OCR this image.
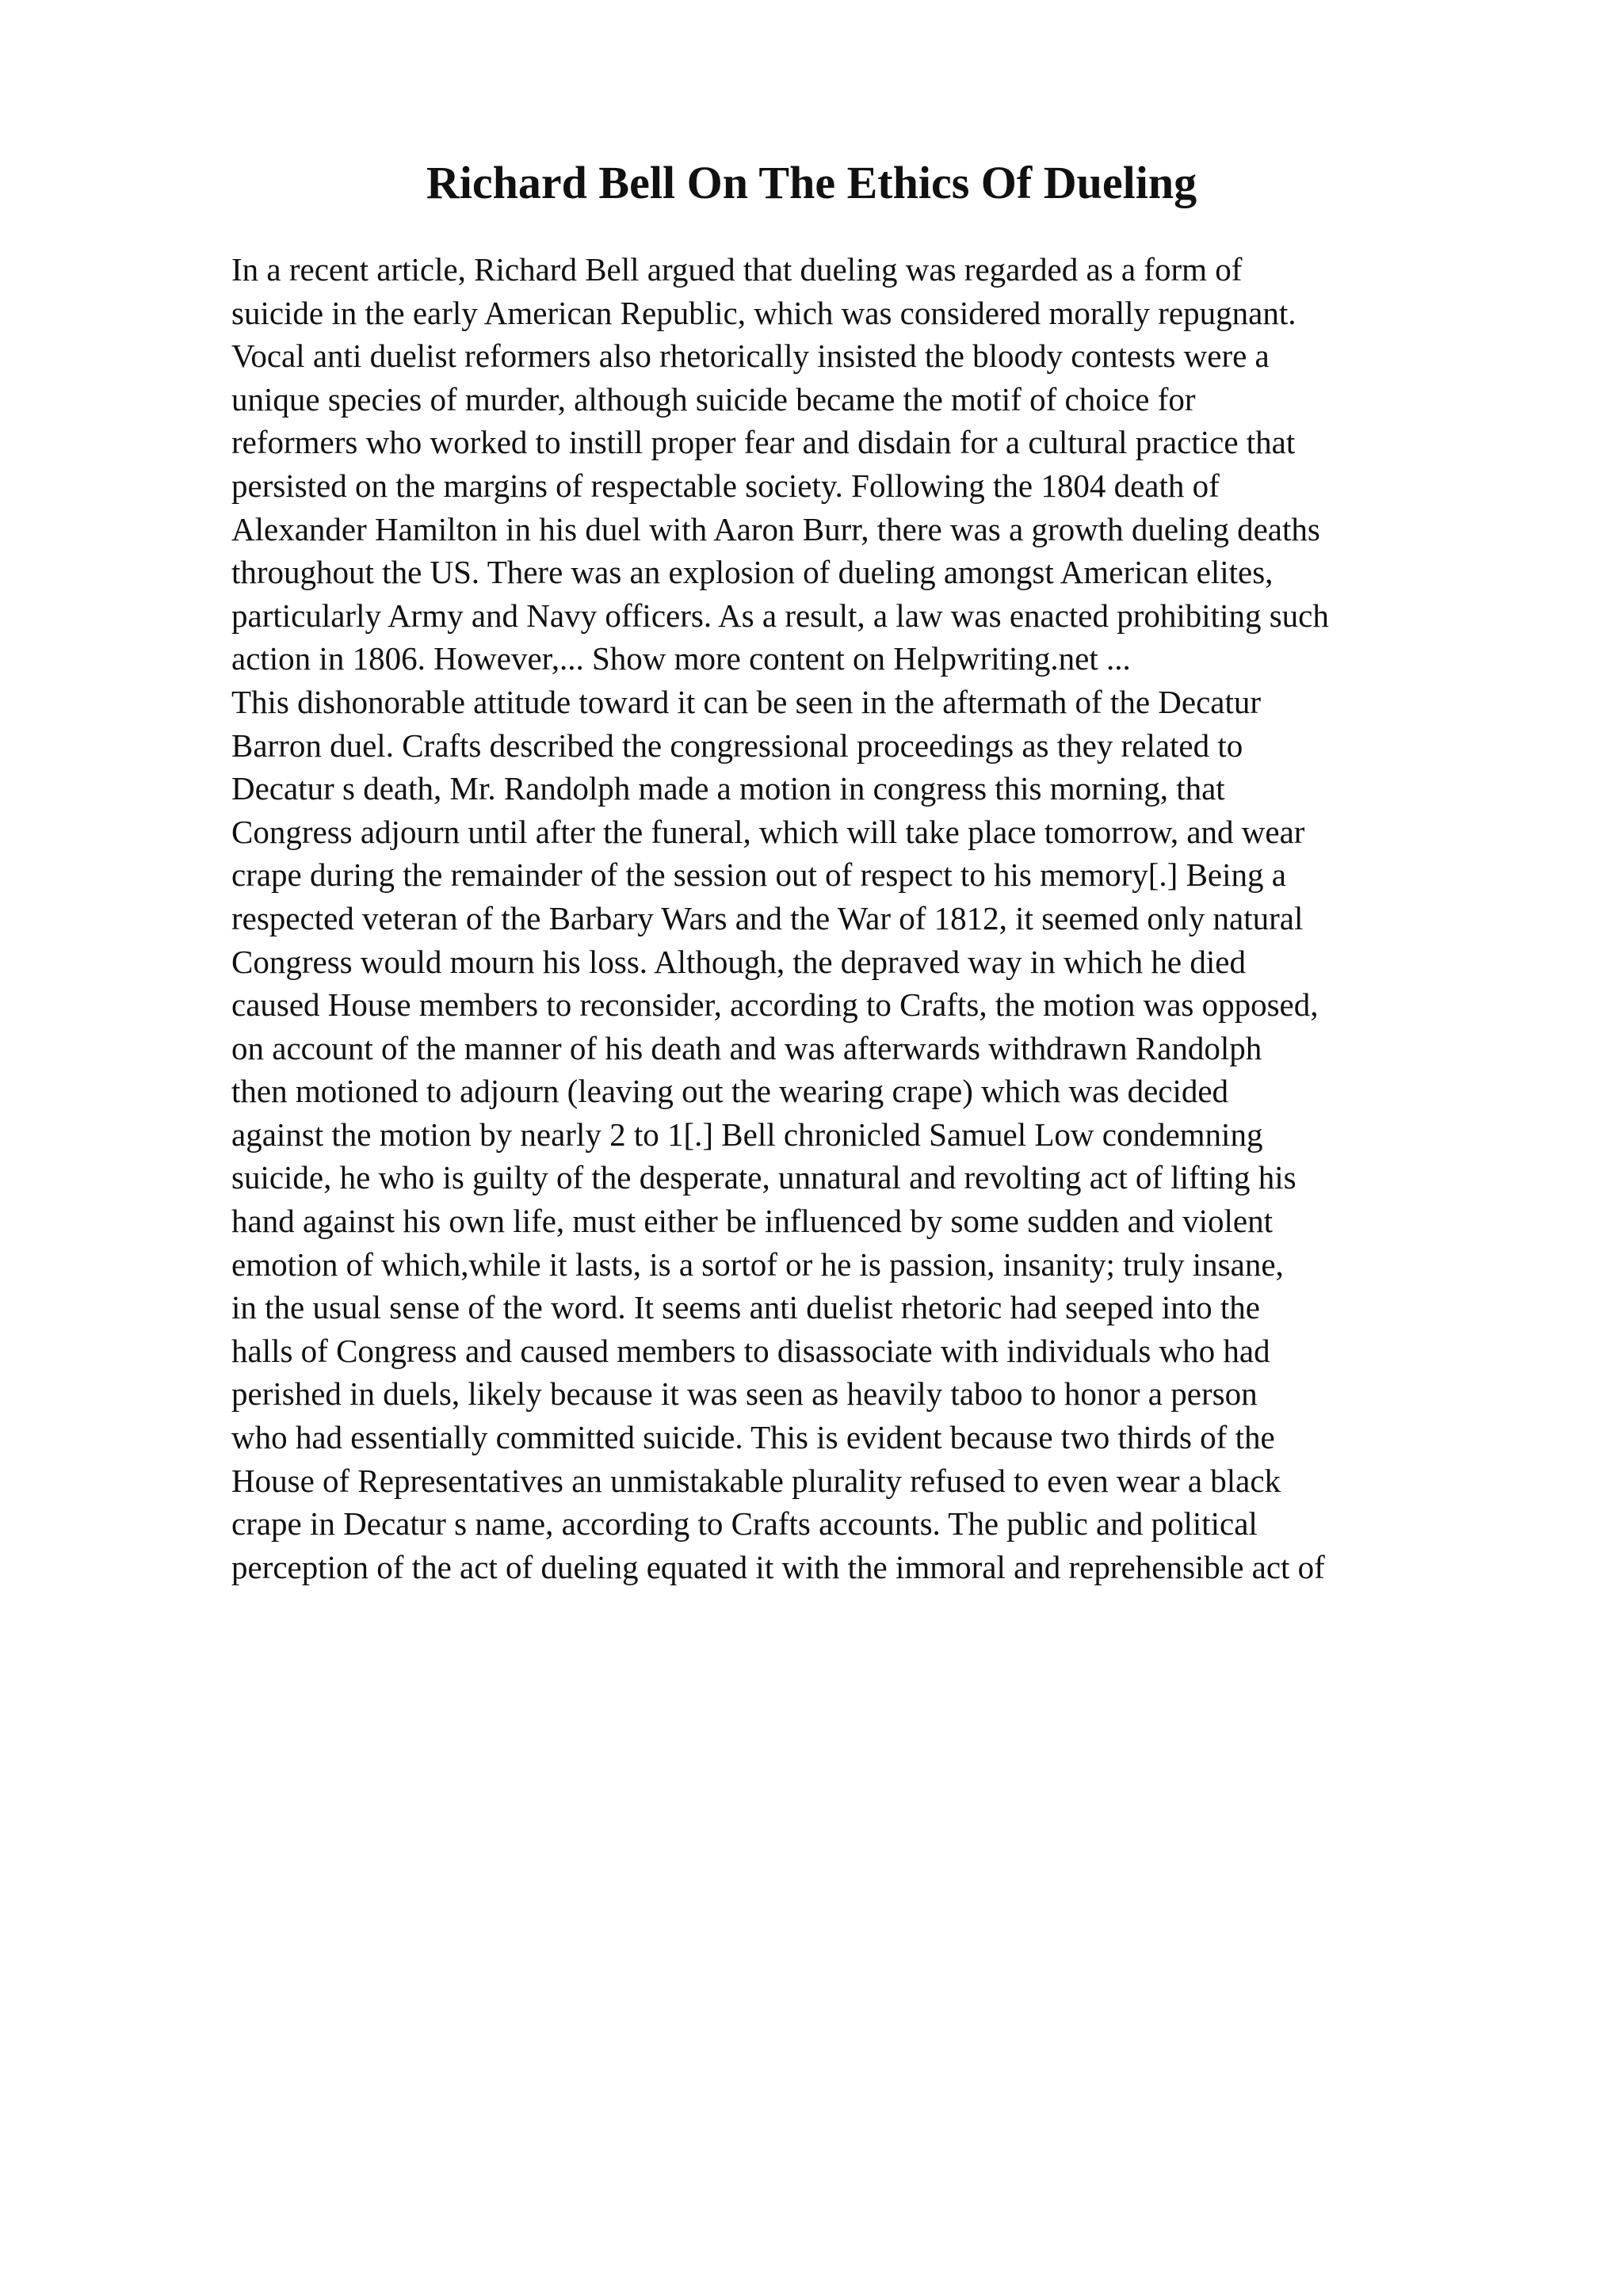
Richard Bell On The Ethics Of Dueling
In a recent article, Richard Bell argued that dueling was regarded as a form of
suicide in the early American Republic, which was considered morally repugnant.
Vocal anti duelist reformers also rhetorically insisted the bloody contests were a
unique species of murder, although suicide became the motif of choice for
reformers who worked to instill proper fear and disdain for a cultural practice that
persisted on the margins of respectable society. Following the 1804 death of
Alexander Hamilton in his duel with Aaron Burr, there was a growth dueling deaths
throughout the US. There was an explosion of dueling amongst American elites,
particularly Army and Navy officers. As a result, a law was enacted prohibiting such
action in 1806. However,... Show more content on Helpwriting.net ...
This dishonorable attitude toward it can be seen in the aftermath of the Decatur
Barron duel. Crafts described the congressional proceedings as they related to
Decatur s death, Mr. Randolph made a motion in congress this morning, that
Congress adjourn until after the funeral, which will take place tomorrow, and wear
crape during the remainder of the session out of respect to his memory[.] Being a
respected veteran of the Barbary Wars and the War of 1812, it seemed only natural
Congress would mourn his loss. Although, the depraved way in which he died
caused House members to reconsider, according to Crafts, the motion was opposed,
on account of the manner of his death and was afterwards withdrawn Randolph
then motioned to adjourn (leaving out the wearing crape) which was decided
against the motion by nearly 2 to 1[.] Bell chronicled Samuel Low condemning
suicide, he who is guilty of the desperate, unnatural and revolting act of lifting his
hand against his own life, must either be influenced by some sudden and violent
emotion of which,while it lasts, is a sortof or he is passion, insanity; truly insane,
in the usual sense of the word. It seems anti duelist rhetoric had seeped into the
halls of Congress and caused members to disassociate with individuals who had
perished in duels, likely because it was seen as heavily taboo to honor a person
who had essentially committed suicide. This is evident because two thirds of the
House of Representatives an unmistakable plurality refused to even wear a black
crape in Decatur s name, according to Crafts accounts. The public and political
perception of the act of dueling equated it with the immoral and reprehensible act of
